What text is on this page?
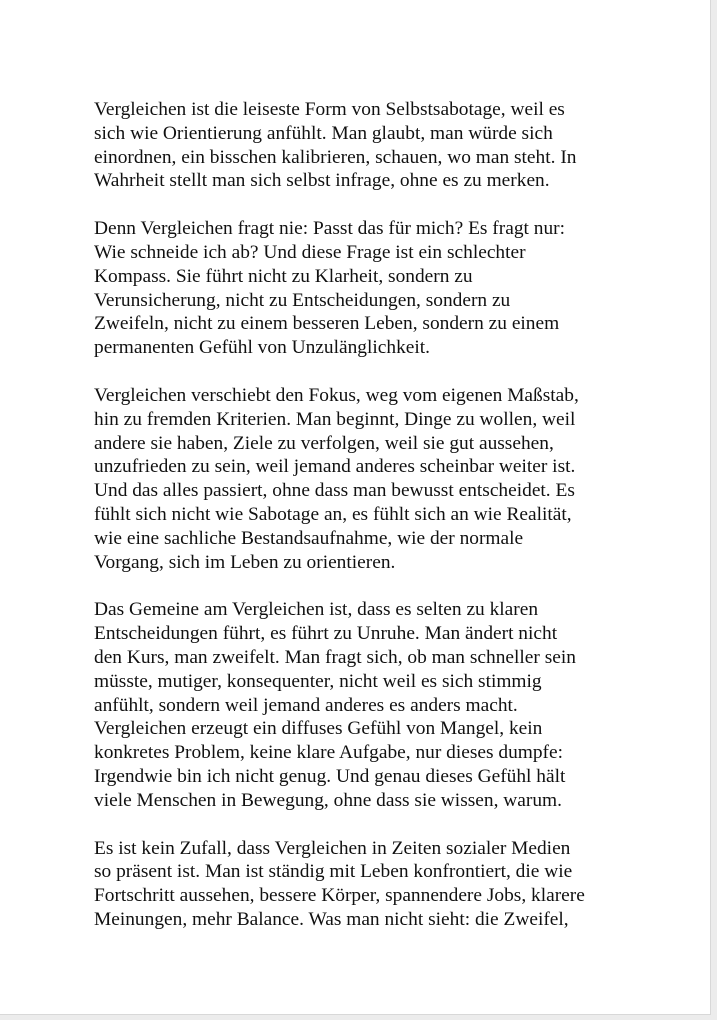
Vergleichen ist die leiseste Form von Selbstsabotage, weil es
sich wie Orientierung anfühlt. Man glaubt, man würde sich
einordnen, ein bisschen kalibrieren, schauen, wo man steht. In
Wahrheit stellt man sich selbst infrage, ohne es zu merken.

Denn Vergleichen fragt nie: Passt das für mich? Es fragt nur:
Wie schneide ich ab? Und diese Frage ist ein schlechter
Kompass. Sie führt nicht zu Klarheit, sondern zu
Verunsicherung, nicht zu Entscheidungen, sondern zu
Zweifeln, nicht zu einem besseren Leben, sondern zu einem
permanenten Gefühl von Unzulänglichkeit.

Vergleichen verschiebt den Fokus, weg vom eigenen Maßstab,
hin zu fremden Kriterien. Man beginnt, Dinge zu wollen, weil
andere sie haben, Ziele zu verfolgen, weil sie gut aussehen,
unzufrieden zu sein, weil jemand anderes scheinbar weiter ist.
Und das alles passiert, ohne dass man bewusst entscheidet. Es
fühlt sich nicht wie Sabotage an, es fühlt sich an wie Realität,
wie eine sachliche Bestandsaufnahme, wie der normale
Vorgang, sich im Leben zu orientieren.

Das Gemeine am Vergleichen ist, dass es selten zu klaren
Entscheidungen führt, es führt zu Unruhe. Man ändert nicht
den Kurs, man zweifelt. Man fragt sich, ob man schneller sein
müsste, mutiger, konsequenter, nicht weil es sich stimmig
anfühlt, sondern weil jemand anderes es anders macht.
Vergleichen erzeugt ein diffuses Gefühl von Mangel, kein
konkretes Problem, keine klare Aufgabe, nur dieses dumpfe:
Irgendwie bin ich nicht genug. Und genau dieses Gefühl hält
viele Menschen in Bewegung, ohne dass sie wissen, warum.

Es ist kein Zufall, dass Vergleichen in Zeiten sozialer Medien
so präsent ist. Man ist ständig mit Leben konfrontiert, die wie
Fortschritt aussehen, bessere Körper, spannendere Jobs, klarere
Meinungen, mehr Balance. Was man nicht sieht: die Zweifel,
